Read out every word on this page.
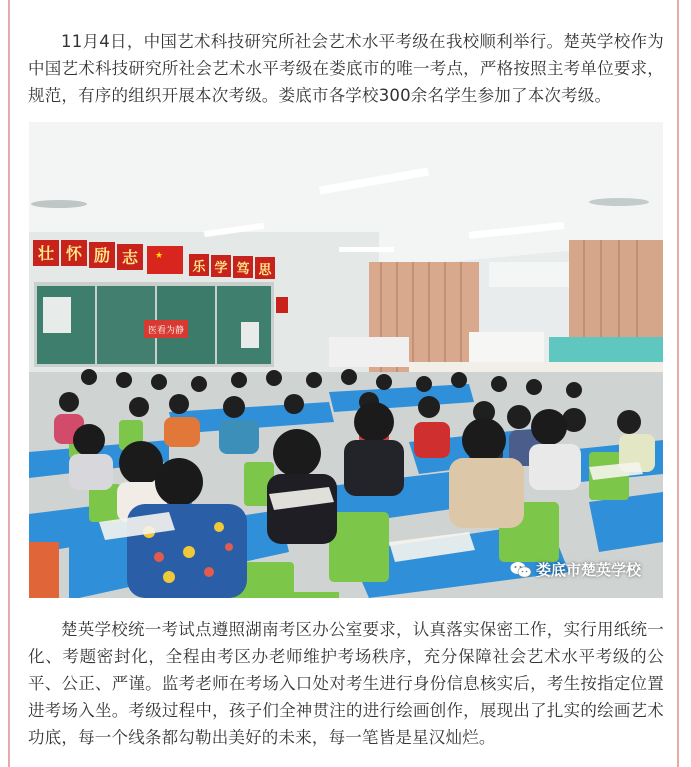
11月4日，中国艺术科技研究所社会艺术水平考级在我校顺利举行。楚英学校作为中国艺术科技研究所社会艺术水平考级在娄底市的唯一考点，严格按照主考单位要求，规范，有序的组织开展本次考级。娄底市各学校300余名学生参加了本次考级。

壮 怀 励 志 ★
乐 学 笃 思
医看为静
娄底市楚英学校

楚英学校统一考试点遵照湖南考区办公室要求，认真落实保密工作，实行用纸统一化、考题密封化，全程由考区办老师维护考场秩序，充分保障社会艺术水平考级的公平、公正、严谨。监考老师在考场入口处对考生进行身份信息核实后，考生按指定位置进考场入坐。考级过程中，孩子们全神贯注的进行绘画创作，展现出了扎实的绘画艺术功底，每一个线条都勾勒出美好的未来，每一笔皆是星汉灿烂。
